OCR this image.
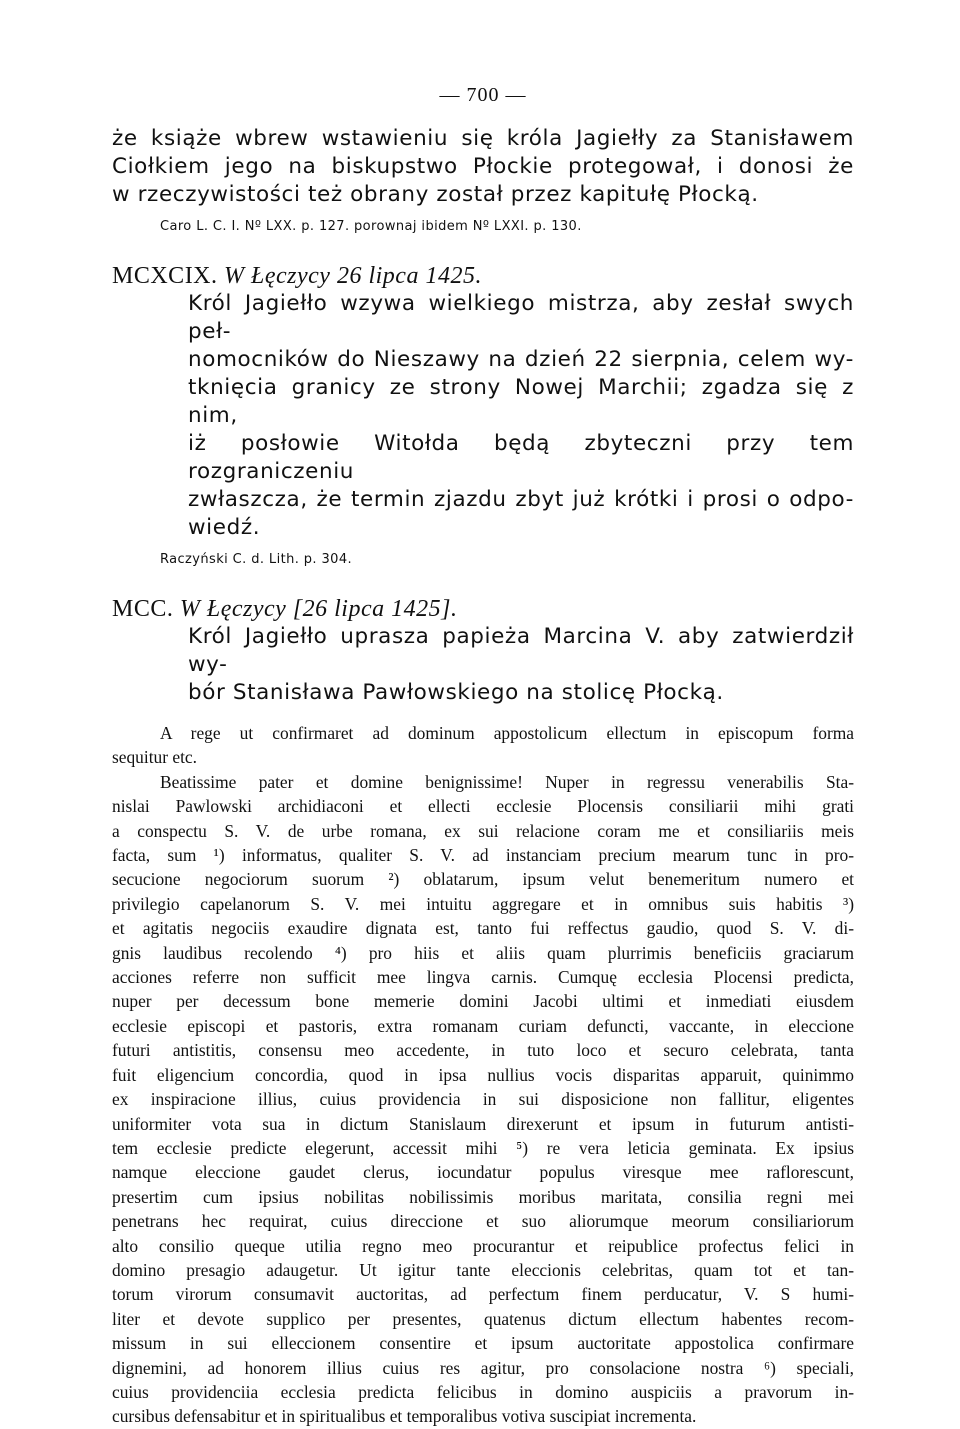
— 700 —
że książe wbrew wstawieniu się króla Jagiełły za Stanisławem
Ciołkiem jego na biskupstwo Płockie protegował, i donosi że
w rzeczywistości też obrany został przez kapitułę Płocką.
Caro L. C. I. Nº LXX. p. 127. porownaj ibidem Nº LXXI. p. 130.
MCXCIX. W Łęczycy 26 lipca 1425.
Król Jagiełło wzywa wielkiego mistrza, aby zesłał swych peł-
nomocników do Nieszawy na dzień 22 sierpnia, celem wy-
tknięcia granicy ze strony Nowej Marchii; zgadza się z nim,
iż posłowie Witołda będą zbyteczni przy tem rozgraniczeniu
zwłaszcza, że termin zjazdu zbyt już krótki i prosi o odpo-
wiedź.
Raczyński C. d. Lith. p. 304.
MCC. W Łęczycy [26 lipca 1425].
Król Jagiełło uprasza papieża Marcina V. aby zatwierdził wy-
bór Stanisława Pawłowskiego na stolicę Płocką.

A rege ut confirmaret ad dominum appostolicum ellectum in episcopum forma
sequitur etc.

Beatissime pater et domine benignissime! Nuper in regressu venerabilis Sta-
nislai Pawlowski archidiaconi et ellecti ecclesie Plocensis consiliarii mihi grati
a conspectu S. V. de urbe romana, ex sui relacione coram me et consiliariis meis
facta, sum ¹) informatus, qualiter S. V. ad instanciam precium mearum tunc in pro-
secucione negociorum suorum ²) oblatarum, ipsum velut benemeritum numero et
privilegio capelanorum S. V. mei intuitu aggregare et in omnibus suis habitis ³)
et agitatis negociis exaudire dignata est, tanto fui reffectus gaudio, quod S. V. di-
gnis laudibus recolendo ⁴) pro hiis et aliis quam plurrimis beneficiis graciarum
acciones referre non sufficit mee lingva carnis. Cumquę ecclesia Plocensi predicta,
nuper per decessum bone memerie domini Jacobi ultimi et inmediati eiusdem
ecclesie episcopi et pastoris, extra romanam curiam defuncti, vaccante, in eleccione
futuri antistitis, consensu meo accedente, in tuto loco et securo celebrata, tanta
fuit eligencium concordia, quod in ipsa nullius vocis disparitas apparuit, quinimmo
ex inspiracione illius, cuius providencia in sui disposicione non fallitur, eligentes
uniformiter vota sua in dictum Stanislaum direxerunt et ipsum in futurum antisti-
tem ecclesie predicte elegerunt, accessit mihi ⁵) re vera leticia geminata. Ex ipsius
namque eleccione gaudet clerus, iocundatur populus viresque mee raflorescunt,
presertim cum ipsius nobilitas nobilissimis moribus maritata, consilia regni mei
penetrans hec requirat, cuius direccione et suo aliorumque meorum consiliariorum
alto consilio queque utilia regno meo procurantur et reipublice profectus felici in
domino presagio adaugetur. Ut igitur tante eleccionis celebritas, quam tot et tan-
torum virorum consumavit auctoritas, ad perfectum finem perducatur, V. S humi-
liter et devote supplico per presentes, quatenus dictum ellectum habentes recom-
missum in sui elleccionem consentire et ipsum auctoritate appostolica confirmare
dignemini, ad honorem illius cuius res agitur, pro consolacione nostra ⁶) speciali,
cuius providenciia ecclesia predicta felicibus in domino auspiciis a pravorum in-
cursibus defensabitur et in spiritualibus et temporalibus votiva suscipiat incrementa.
